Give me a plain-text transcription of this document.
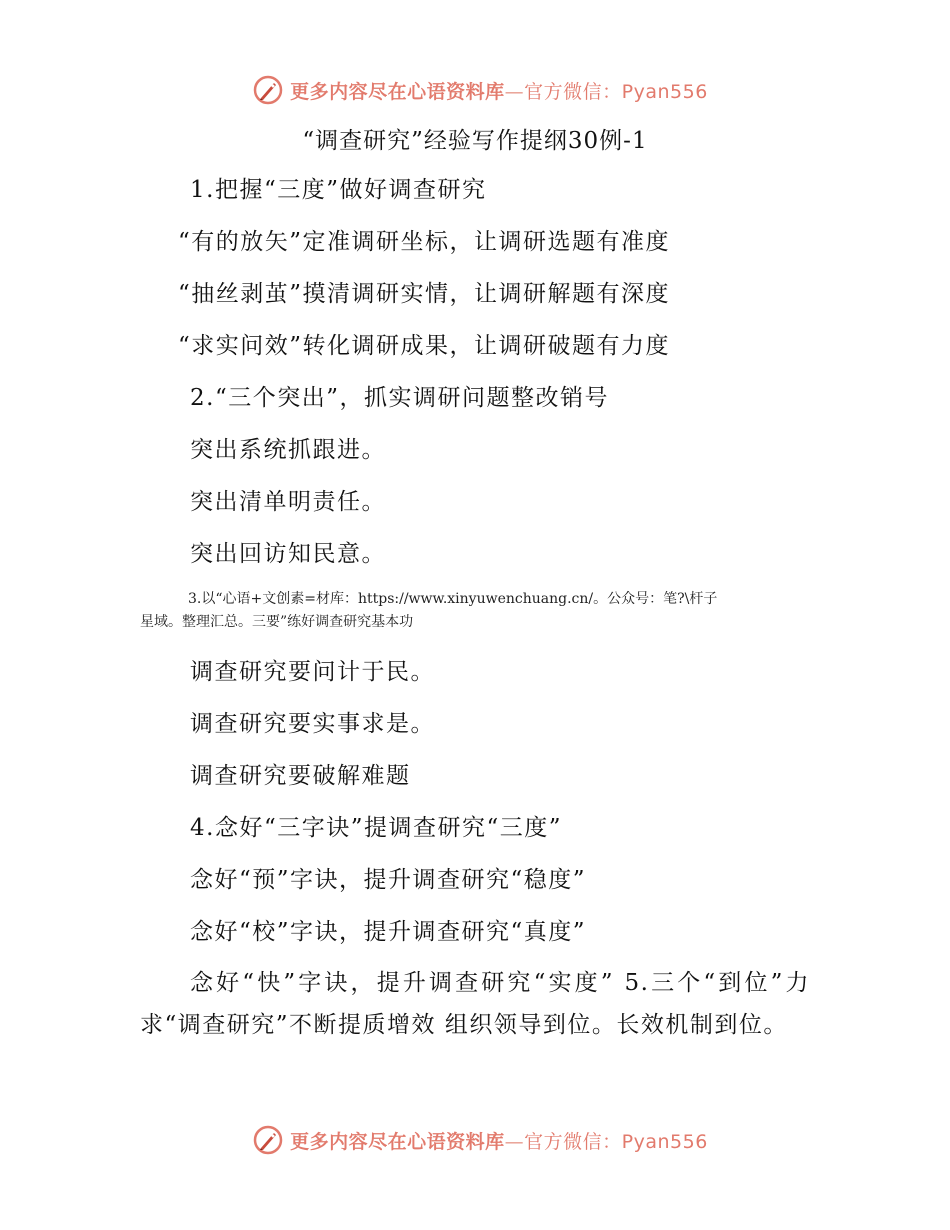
更多内容尽在心语资料库—官方微信：Pyan556

“调查研究”经验写作提纲30例-1

1.把握“三度”做好调查研究

“有的放矢”定准调研坐标，让调研选题有准度

“抽丝剥茧”摸清调研实情，让调研解题有深度

“求实问效”转化调研成果，让调研破题有力度

2.“三个突出”，抓实调研问题整改销号

突出系统抓跟进。

突出清单明责任。

突出回访知民意。

3.以“心语+文创素=材库：https://www.xinyuwenchuang.cn/。公众号：笔?\杆子
星域。整理汇总。三要”练好调查研究基本功

调查研究要问计于民。

调查研究要实事求是。

调查研究要破解难题

4.念好“三字诀”提调查研究“三度”

念好“预”字诀，提升调查研究“稳度”

念好“校”字诀，提升调查研究“真度”

念好“快”字诀，提升调查研究“实度” 5.三个“到位”力求“调查研究”不断提质增效 组织领导到位。长效机制到位。

更多内容尽在心语资料库—官方微信：Pyan556
